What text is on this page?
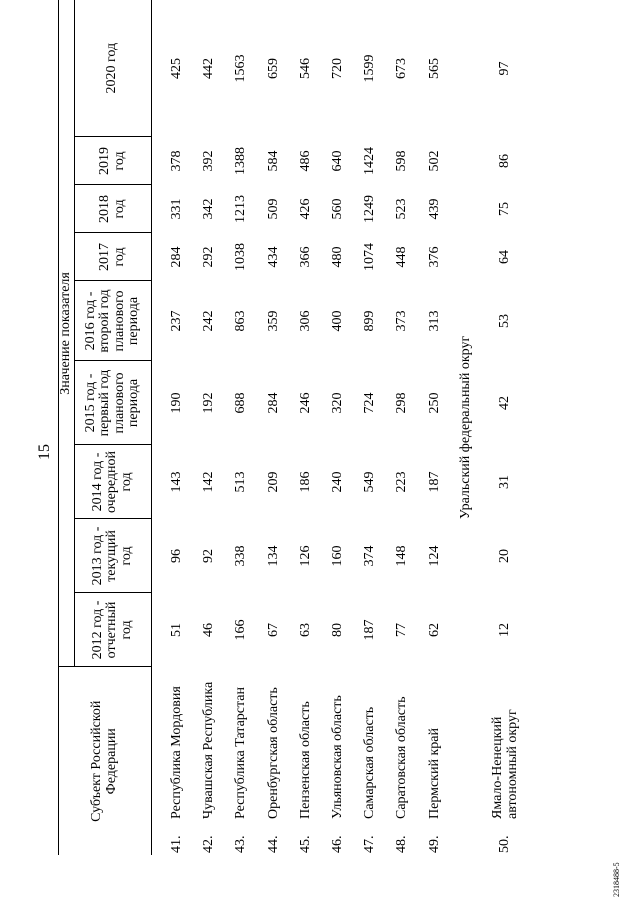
15
2318488-5
Субъект Российской Федерации		Значение показателя								
		2012 год - отчетный год	2013 год - текущий год	2014 год - очередной год	2015 год - первый год планового периода	2016 год - второй год планового периода	2017 год	2018 год	2019 год	2020 год

41.	Республика Мордовия	51	96	143	190	237	284	331	378	425
42.	Чувашская Республика	46	92	142	192	242	292	342	392	442
43.	Республика Татарстан	166	338	513	688	863	1038	1213	1388	1563
44.	Оренбургская область	67	134	209	284	359	434	509	584	659
45.	Пензенская область	63	126	186	246	306	366	426	486	546
46.	Ульяновская область	80	160	240	320	400	480	560	640	720
47.	Самарская область	187	374	549	724	899	1074	1249	1424	1599
48.	Саратовская область	77	148	223	298	373	448	523	598	673
49.	Пермский край	62	124	187	250	313	376	439	502	565
Уральский федеральный округ										
50.	Ямало-Ненецкий
автономный округ	12	20	31	42	53	64	75	86	97
